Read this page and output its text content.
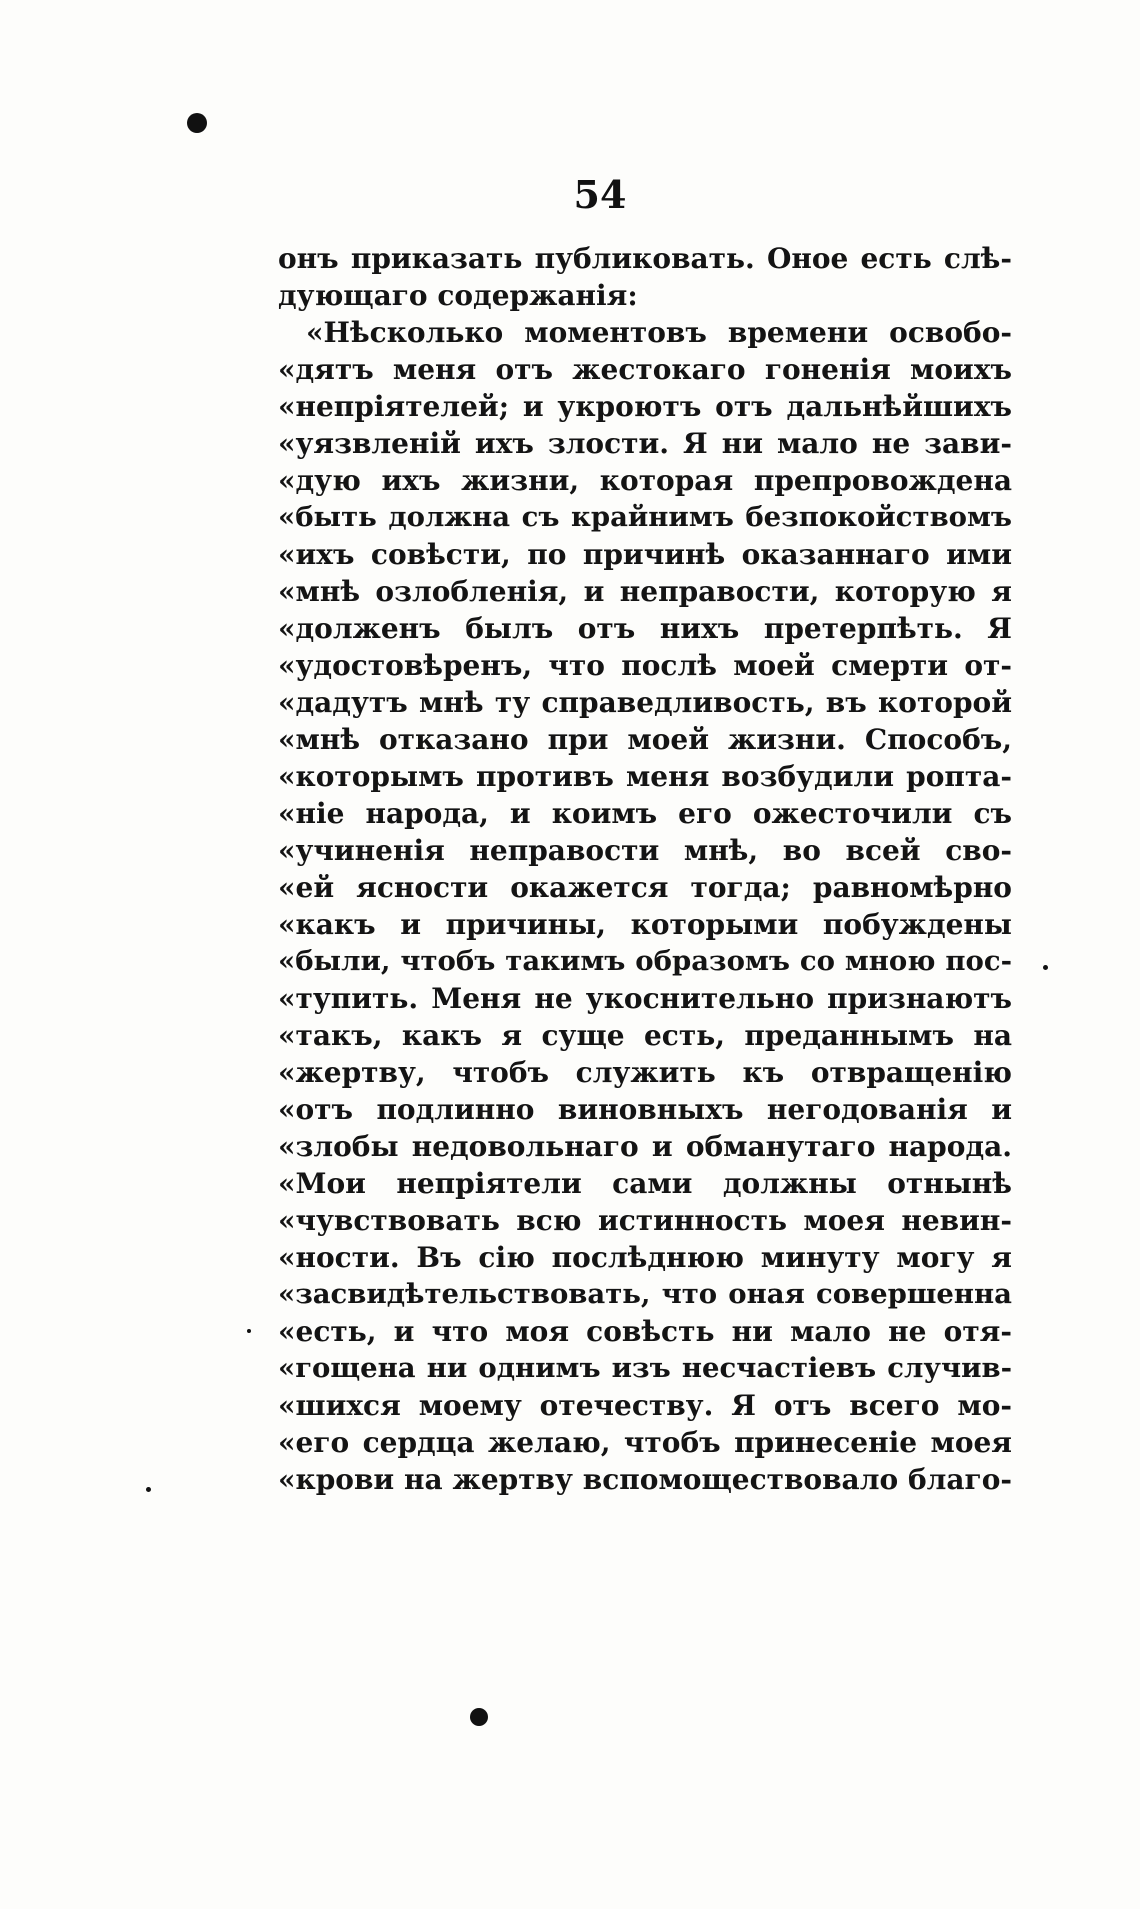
54
онъ приказать публиковать. Оное есть слѣ-
дующаго содержанія:
«Нѣсколько моментовъ времени освобо-
«дятъ меня отъ жестокаго гоненія моихъ
«непріятелей; и укроютъ отъ дальнѣйшихъ
«уязвленій ихъ злости. Я ни мало не зави-
«дую ихъ жизни, которая препровождена
«быть должна съ крайнимъ безпокойствомъ
«ихъ совѣсти, по причинѣ оказаннаго ими
«мнѣ озлобленія, и неправости, которую я
«долженъ былъ отъ нихъ претерпѣть. Я
«удостовѣренъ, что послѣ моей смерти от-
«дадутъ мнѣ ту справедливость, въ которой
«мнѣ отказано при моей жизни. Способъ,
«которымъ противъ меня возбудили ропта-
«ніе народа, и коимъ его ожесточили съ
«учиненія неправости мнѣ, во всей сво-
«ей ясности окажется тогда; равномѣрно
«какъ и причины, которыми побуждены
«были, чтобъ такимъ образомъ со мною пос-
«тупить. Меня не укоснительно признаютъ
«такъ, какъ я суще есть, преданнымъ на
«жертву, чтобъ служить къ отвращенію
«отъ подлинно виновныхъ негодованія и
«злобы недовольнаго и обманутаго народа.
«Мои непріятели сами должны отнынѣ
«чувствовать всю истинность моея невин-
«ности. Въ сію послѣднюю минуту могу я
«засвидѣтельствовать, что оная совершенна
«есть, и что моя совѣсть ни мало не отя-
«гощена ни однимъ изъ несчастіевъ случив-
«шихся моему отечеству. Я отъ всего мо-
«его сердца желаю, чтобъ принесеніе моея
«крови на жертву вспомоществовало благо-
